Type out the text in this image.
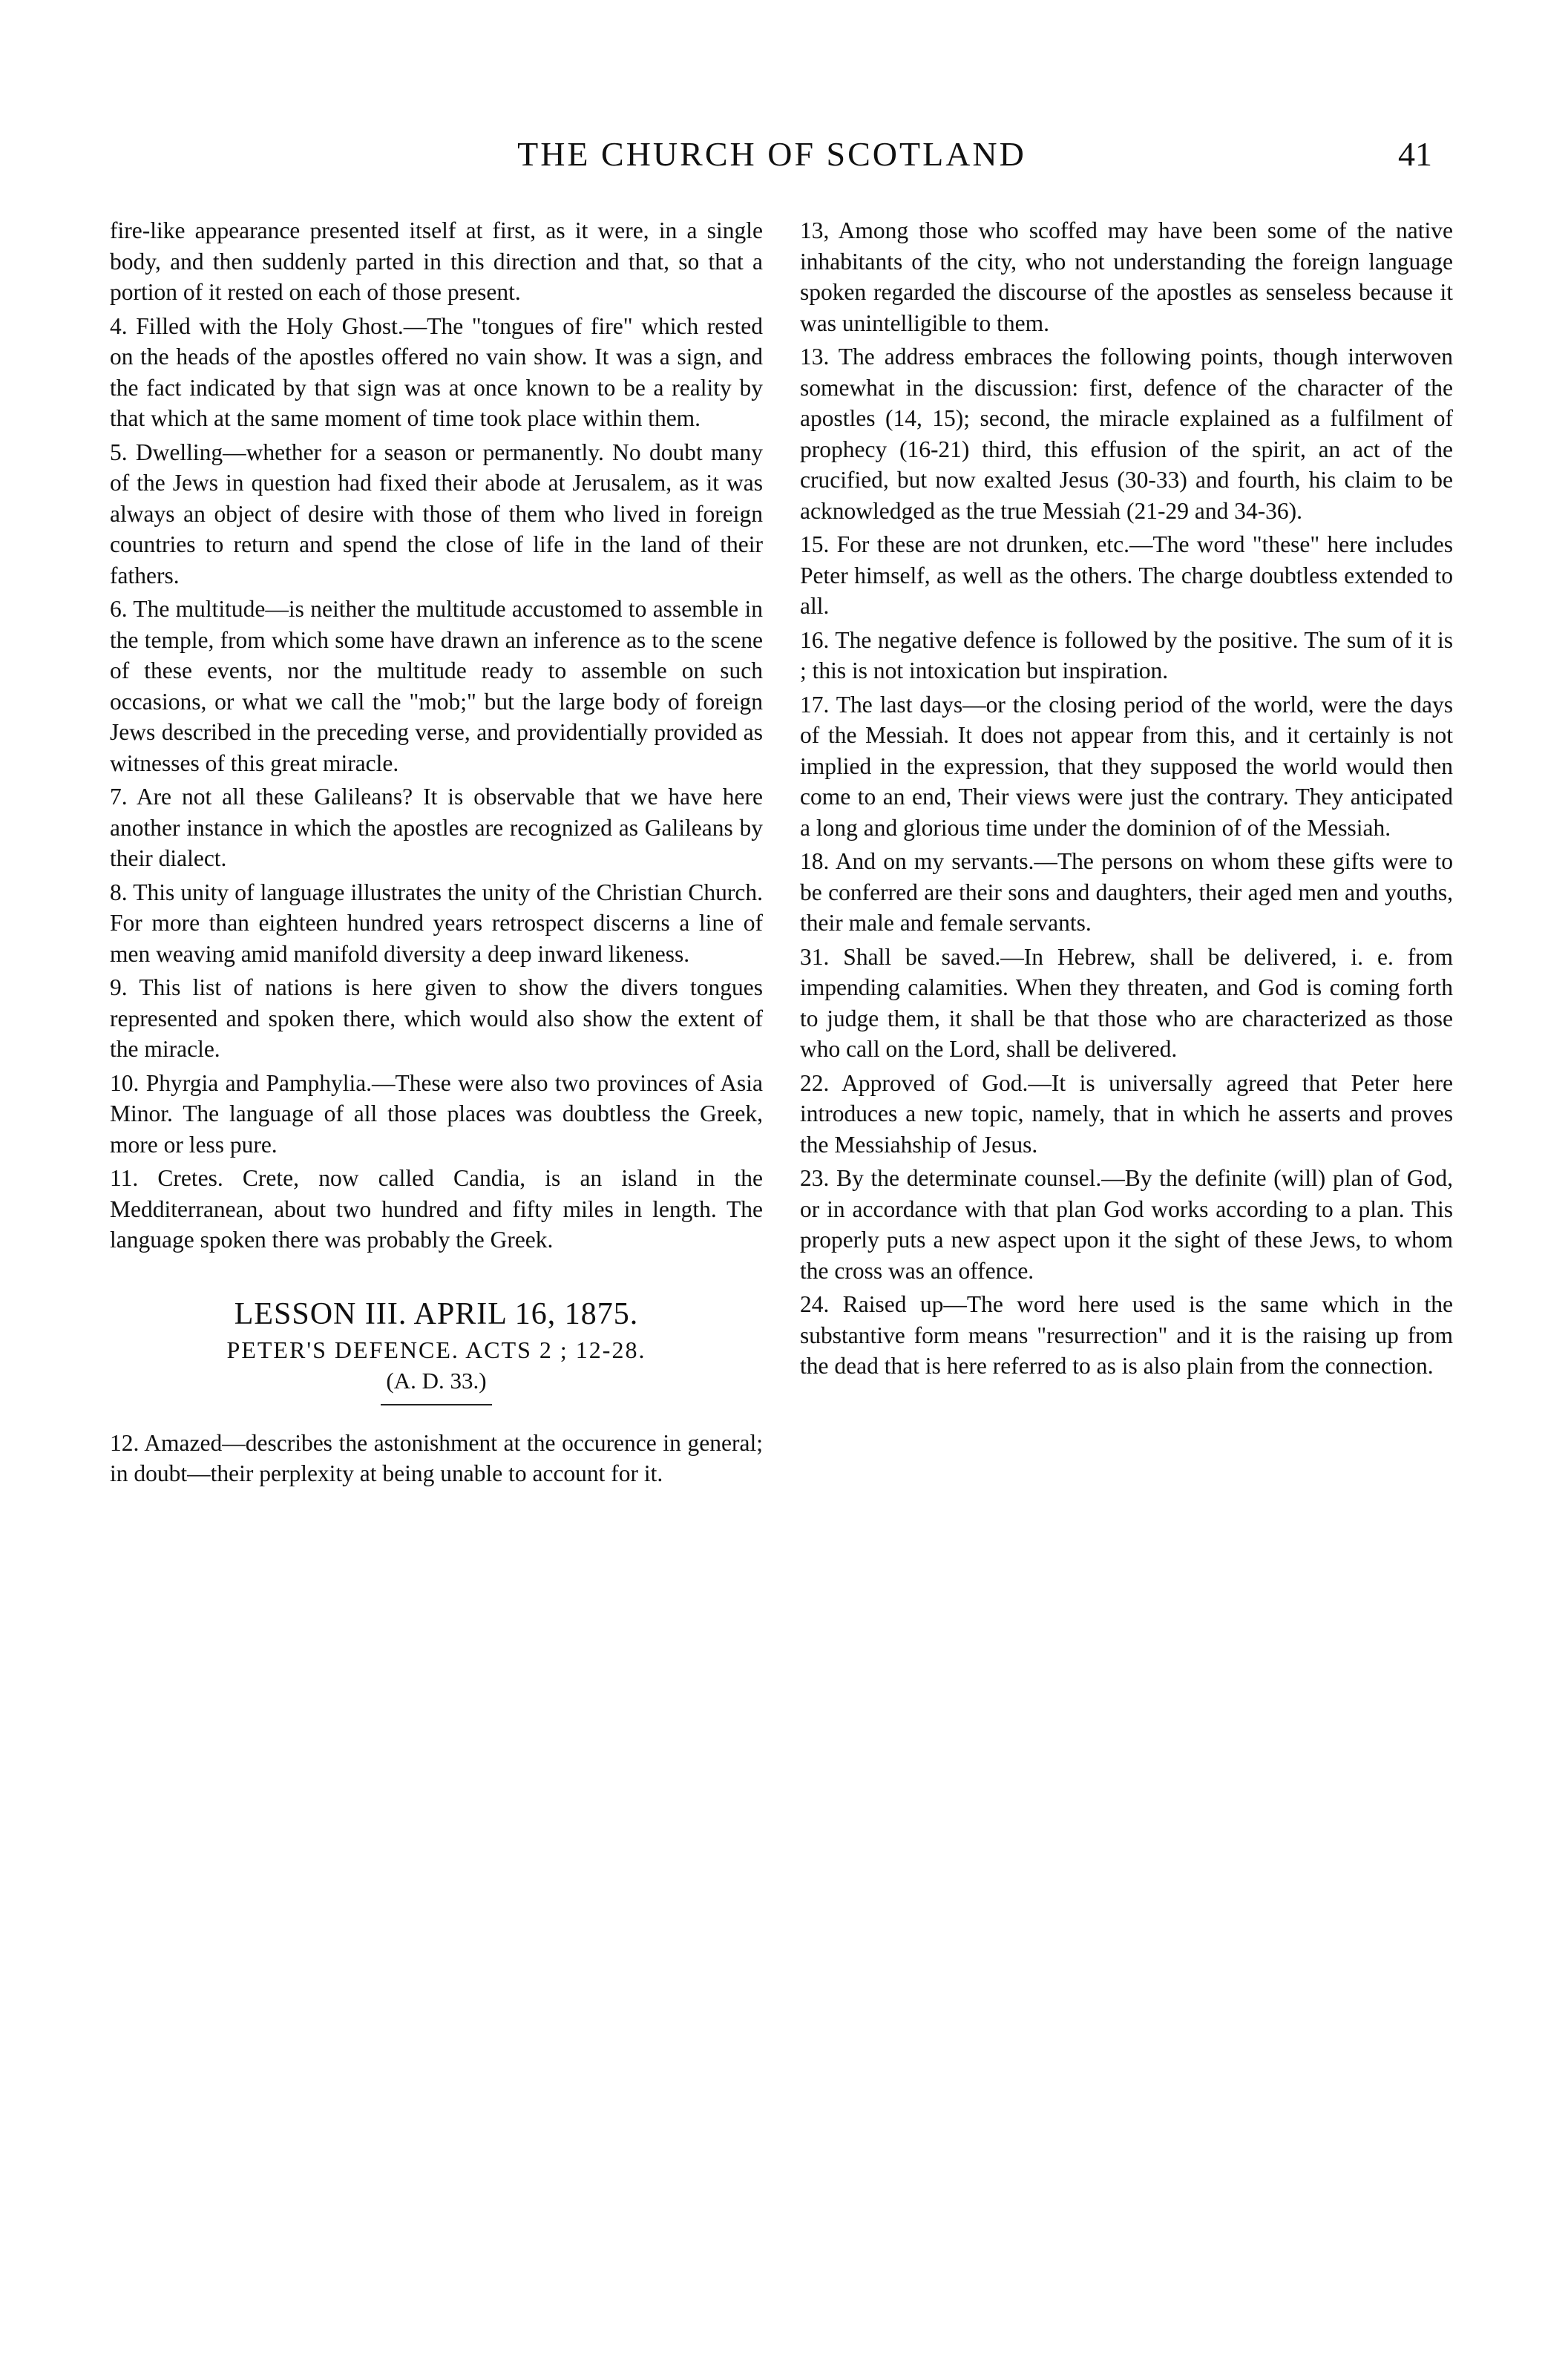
THE CHURCH OF SCOTLAND	41

fire-like appearance presented itself at first, as it were, in a single body, and then suddenly parted in this direction and that, so that a portion of it rested on each of those present.

4. Filled with the Holy Ghost.—The "tongues of fire" which rested on the heads of the apostles offered no vain show. It was a sign, and the fact indicated by that sign was at once known to be a reality by that which at the same moment of time took place within them.

5. Dwelling—whether for a season or permanently. No doubt many of the Jews in question had fixed their abode at Jerusalem, as it was always an object of desire with those of them who lived in foreign countries to return and spend the close of life in the land of their fathers.

6. The multitude—is neither the multitude accustomed to assemble in the temple, from which some have drawn an inference as to the scene of these events, nor the multitude ready to assemble on such occasions, or what we call the "mob;" but the large body of foreign Jews described in the preceding verse, and providentially provided as witnesses of this great miracle.

7. Are not all these Galileans? It is observable that we have here another instance in which the apostles are recognized as Galileans by their dialect.

8. This unity of language illustrates the unity of the Christian Church. For more than eighteen hundred years retrospect discerns a line of men weaving amid manifold diversity a deep inward likeness.

9. This list of nations is here given to show the divers tongues represented and spoken there, which would also show the extent of the miracle.

10. Phyrgia and Pamphylia.—These were also two provinces of Asia Minor. The language of all those places was doubtless the Greek, more or less pure.

11. Cretes. Crete, now called Candia, is an island in the Medditerranean, about two hundred and fifty miles in length. The language spoken there was probably the Greek.

LESSON III. APRIL 16, 1875.
PETER'S DEFENCE. ACTS 2 ; 12-28.
(A. D. 33.)

12. Amazed—describes the astonishment at the occurence in general; in doubt—their perplexity at being unable to account for it.

13, Among those who scoffed may have been some of the native inhabitants of the city, who not understanding the foreign language spoken regarded the discourse of the apostles as senseless because it was unintelligible to them.

13. The address embraces the following points, though interwoven somewhat in the discussion: first, defence of the character of the apostles (14, 15); second, the miracle explained as a fulfilment of prophecy (16-21) third, this effusion of the spirit, an act of the crucified, but now exalted Jesus (30-33) and fourth, his claim to be acknowledged as the true Messiah (21-29 and 34-36).

15. For these are not drunken, etc.—The word "these" here includes Peter himself, as well as the others. The charge doubtless extended to all.

16. The negative defence is followed by the positive. The sum of it is ; this is not intoxication but inspiration.

17. The last days—or the closing period of the world, were the days of the Messiah. It does not appear from this, and it certainly is not implied in the expression, that they supposed the world would then come to an end, Their views were just the contrary. They anticipated a long and glorious time under the dominion of of the Messiah.

18. And on my servants.—The persons on whom these gifts were to be conferred are their sons and daughters, their aged men and youths, their male and female servants.

31. Shall be saved.—In Hebrew, shall be delivered, i. e. from impending calamities. When they threaten, and God is coming forth to judge them, it shall be that those who are characterized as those who call on the Lord, shall be delivered.

22. Approved of God.—It is universally agreed that Peter here introduces a new topic, namely, that in which he asserts and proves the Messiahship of Jesus.

23. By the determinate counsel.—By the definite (will) plan of God, or in accordance with that plan God works according to a plan. This properly puts a new aspect upon it the sight of these Jews, to whom the cross was an offence.

24. Raised up—The word here used is the same which in the substantive form means "resurrection" and it is the raising up from the dead that is here referred to as is also plain from the connection.
